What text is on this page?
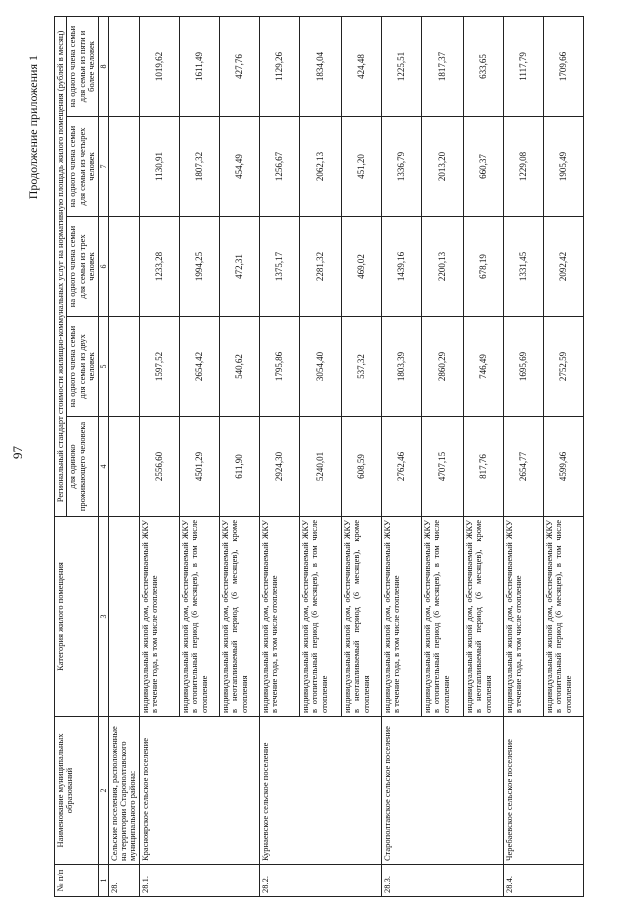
97
Продолжение приложения 1
№ п/п	Наименование муниципальных образований	Категория жилого помещения	Региональный стандарт стоимости жилищно-коммунальных услуг на нормативную площадь жилого помещения (рублей в месяц)				
			для одиноко проживающего человека	на одного члена семьи для семьи из двух человек	на одного члена семьи для семьи из трех человек	на одного члена семьи для семьи из четырех человек	на одного члена семьи для семьи из пяти и более человек
1	2	3	4	5	6	7	8
28.	Сельские поселения, расположенные на территории Старополтавского муниципального района:						
28.1.	Красноярское сельское поселение	индивидуальный жилой дом, обеспечиваемый ЖКУ в течение года, в том числе отопление	2556,60	1597,52	1233,28	1130,91	1019,62
		индивидуальный жилой дом, обеспечиваемый ЖКУ в отопительный период (6 месяцев), в том числе отопление	4501,29	2654,42	1994,25	1807,32	1611,49
		индивидуальный жилой дом, обеспечиваемый ЖКУ в неотапливаемый период (6 месяцев), кроме отопления	611,90	540,62	472,31	454,49	427,76
28.2.	Курнаевское сельское поселение	индивидуальный жилой дом, обеспечиваемый ЖКУ в течение года, в том числе отопление	2924,30	1795,86	1375,17	1256,67	1129,26
		индивидуальный жилой дом, обеспечиваемый ЖКУ в отопительный период (6 месяцев), в том числе отопление	5240,01	3054,40	2281,32	2062,13	1834,04
		индивидуальный жилой дом, обеспечиваемый ЖКУ в неотапливаемый период (6 месяцев), кроме отопления	608,59	537,32	469,02	451,20	424,48
28.3.	Старополтавское сельское поселение	индивидуальный жилой дом, обеспечиваемый ЖКУ в течение года, в том числе отопление	2762,46	1803,39	1439,16	1336,79	1225,51
		индивидуальный жилой дом, обеспечиваемый ЖКУ в отопительный период (6 месяцев), в том числе отопление	4707,15	2860,29	2200,13	2013,20	1817,37
		индивидуальный жилой дом, обеспечиваемый ЖКУ в неотапливаемый период (6 месяцев), кроме отопления	817,76	746,49	678,19	660,37	633,65
28.4.	Черебаевское сельское поселение	индивидуальный жилой дом, обеспечиваемый ЖКУ в течение года, в том числе отопление	2654,77	1695,69	1331,45	1229,08	1117,79
		индивидуальный жилой дом, обеспечиваемый ЖКУ в отопительный период (6 месяцев), в том числе отопление	4599,46	2752,59	2092,42	1905,49	1709,66
